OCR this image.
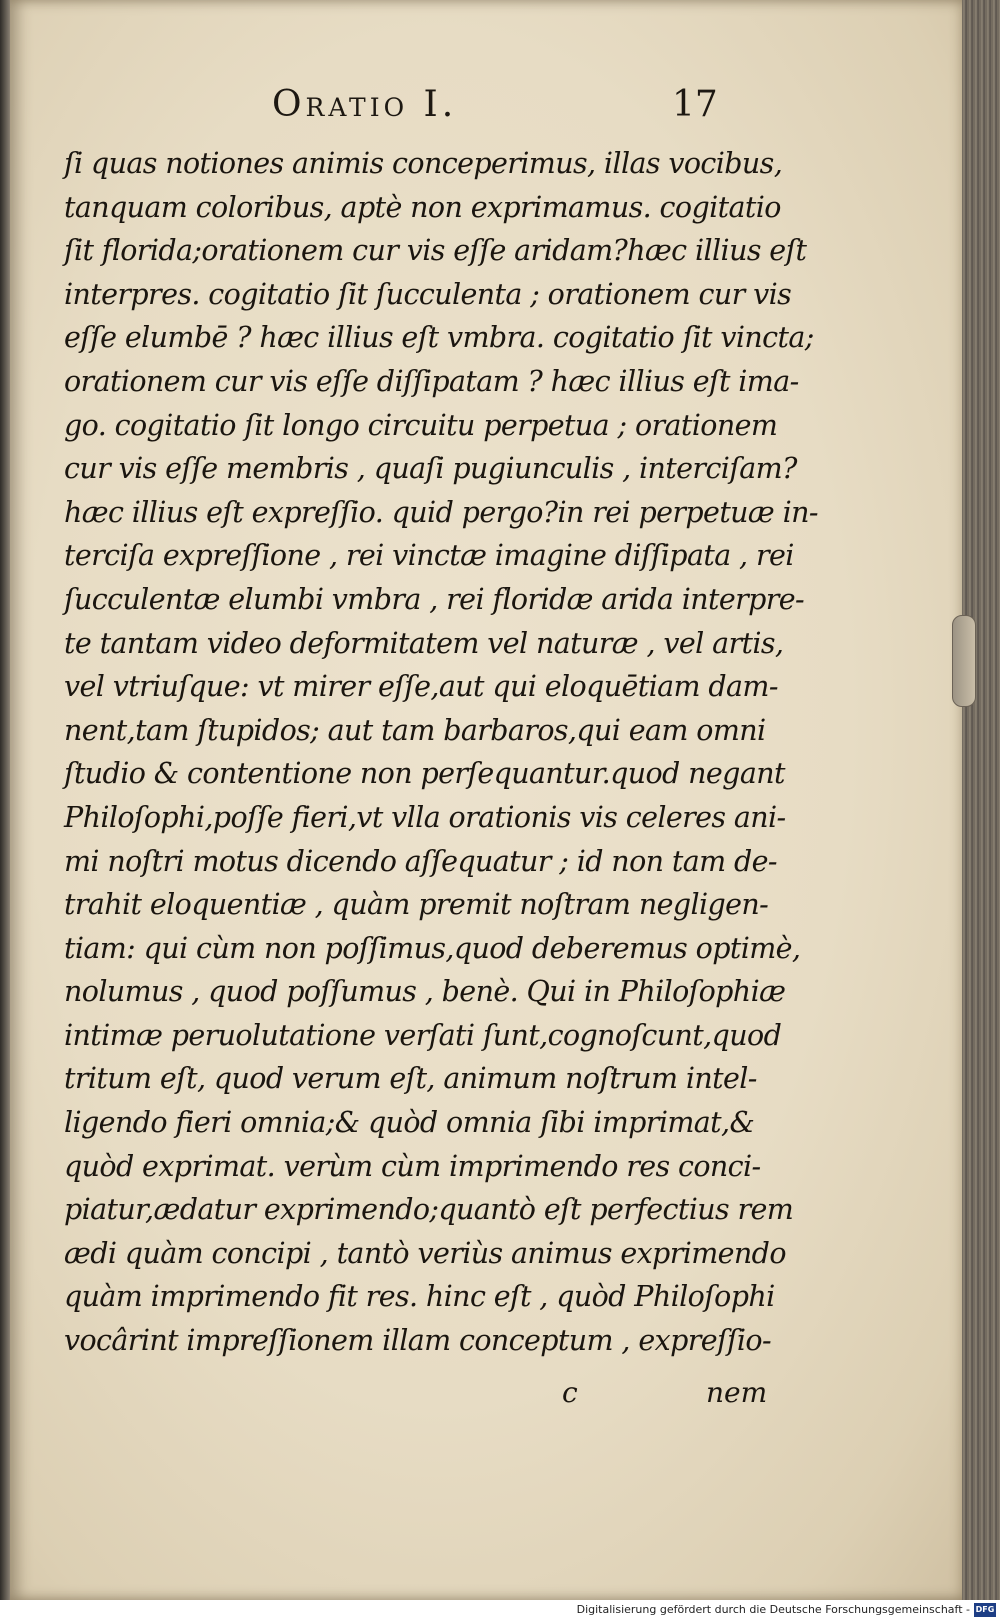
Oratio I.	17
ſi quas notiones animis conceperimus, illas vocibus,
tanquam coloribus, aptè non exprimamus. cogitatio
ſit florida;orationem cur vis eſſe aridam?hæc illius eſt
interpres. cogitatio ſit ſucculenta ; orationem cur vis
eſſe elumbē ? hæc illius eſt vmbra. cogitatio ſit vincta;
orationem cur vis eſſe diſſipatam ? hæc illius eſt ima-
go. cogitatio ſit longo circuitu perpetua ; orationem
cur vis eſſe membris , quaſi pugiunculis , interciſam?
hæc illius eſt expreſſio. quid pergo?in rei perpetuæ in-
terciſa expreſſione , rei vinctæ imagine diſſipata , rei
ſucculentæ elumbi vmbra , rei floridæ arida interpre-
te tantam video deformitatem vel naturæ , vel artis,
vel vtriuſque: vt mirer eſſe,aut qui eloquētiam dam-
nent,tam ſtupidos; aut tam barbaros,qui eam omni
ſtudio & contentione non perſequantur.quod negant
Philoſophi,poſſe fieri,vt vlla orationis vis celeres ani-
mi noſtri motus dicendo aſſequatur ; id non tam de-
trahit eloquentiæ , quàm premit noſtram negligen-
tiam: qui cùm non poſſimus,quod deberemus optimè,
nolumus , quod poſſumus , benè. Qui in Philoſophiæ
intimæ peruolutatione verſati ſunt,cognoſcunt,quod
tritum eſt, quod verum eſt, animum noſtrum intel-
ligendo fieri omnia;& quòd omnia ſibi imprimat,&
quòd exprimat. verùm cùm imprimendo res conci-
piatur,ædatur exprimendo;quantò eſt perfectius rem
ædi quàm concipi , tantò veriùs animus exprimendo
quàm imprimendo fit res. hinc eſt , quòd Philoſophi
vocârint impreſſionem illam conceptum , expreſſio-
c	nem
Digitalisierung gefördert durch die Deutsche Forschungsgemeinschaft - DFG
